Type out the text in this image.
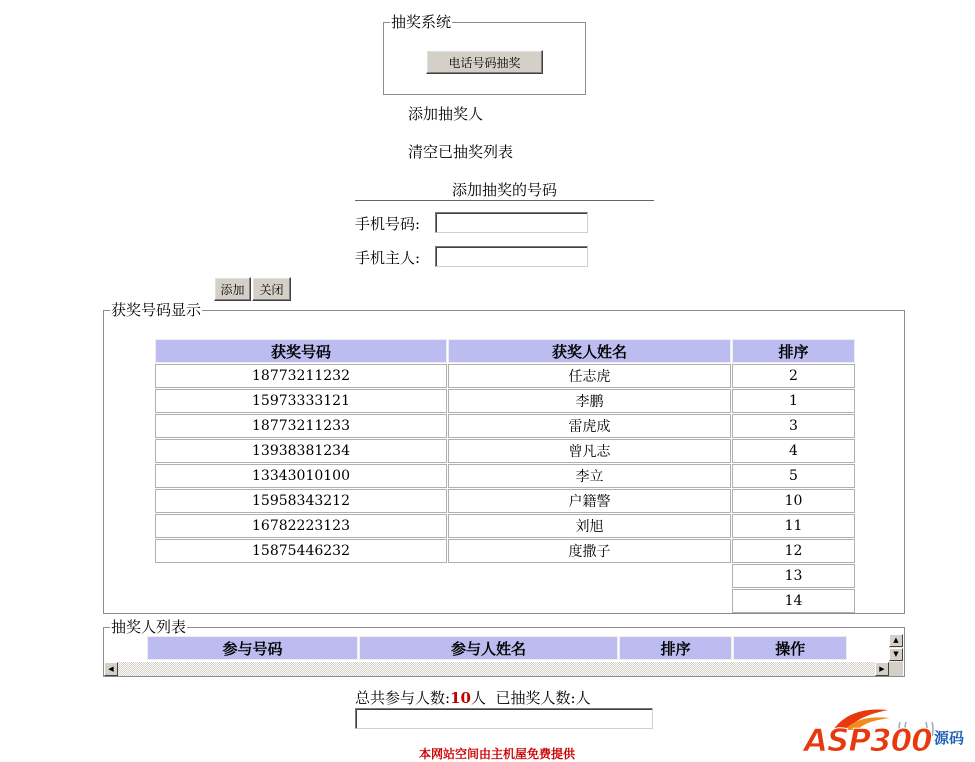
抽奖系统
电话号码抽奖
添加抽奖人
清空已抽奖列表
添加抽奖的号码
手机号码:
手机主人:
添加	关闭
获奖号码显示
获奖号码	获奖人姓名	排序
18773211232	任志虎	2
15973333121	李鹏	1
18773211233	雷虎成	3
13938381234	曾凡志	4
13343010100	李立	5
15958343212	户籍警	10
16782223123	刘旭	11
15875446232	度撒子	12
		13
		14
抽奖人列表
参与号码	参与人姓名	排序	操作	▲
▼
◀	▶
总共参与人数:10人 已抽奖人数:人
本网站空间由主机屋免费提供	ASP300 源码
